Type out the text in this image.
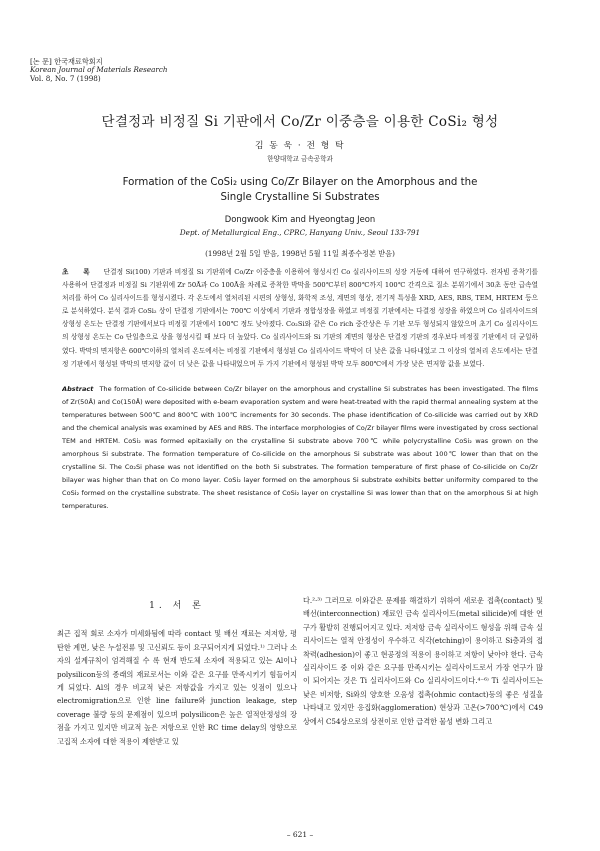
[논 문] 한국재료학회지
Korean Journal of Materials Research
Vol. 8, No. 7 (1998)
단결정과 비정질 Si 기판에서 Co/Zr 이중층을 이용한 CoSi₂ 형성
김 동 욱 · 전 형 탁
한양대학교 금속공학과
Formation of the CoSi₂ using Co/Zr Bilayer on the Amorphous and the
Single Crystalline Si Substrates
Dongwook Kim and Hyeongtag Jeon
Dept. of Metallurgical Eng., CPRC, Hanyang Univ., Seoul 133-791
(1998년 2월 5일 받음, 1998년 5월 11일 최종수정본 받음)
초 록 단결정 Si(100) 기판과 비정질 Si 기판위에 Co/Zr 이중층을 이용하여 형성시킨 Co 실리사이드의 성장 거동에 대하여 연구하였다. 전자빔 증착기를 사용하여 단결정과 비정질 Si 기판위에 Zr 50Å과 Co 100Å을 차례로 증착한 박막을 500℃부터 800℃까지 100℃ 간격으로 질소 분위기에서 30초 동안 급속열처리를 하여 Co 실리사이드를 형성시켰다. 각 온도에서 열처리된 시편의 상형성, 화학적 조성, 계면의 형상, 전기적 특성을 XRD, AES, RBS, TEM, HRTEM 등으로 분석하였다. 분석 결과 CoSi₂ 상이 단결정 기판에서는 700℃ 이상에서 기판과 정합성장을 하였고 비정질 기판에서는 다결정 성장을 하였으며 Co 실리사이드의 상형성 온도는 단결정 기판에서보다 비정질 기판에서 100℃ 정도 낮아졌다. Co₂Si와 같은 Co rich 중간상은 두 기판 모두 형성되지 않았으며 초기 Co 실리사이드의 상형성 온도는 Co 단일층으로 상을 형성시킬 때 보다 더 높았다. Co 실리사이드와 Si 기판의 계면의 형상은 단결정 기판의 경우보다 비정질 기판에서 더 균일하였다. 박막의 면저항은 600℃이하의 열처리 온도에서는 비정질 기판에서 형성된 Co 실리사이드 박막이 더 낮은 값을 나타내었고 그 이상의 열처리 온도에서는 단결정 기판에서 형성된 박막의 면저항 값이 더 낮은 값을 나타내었으며 두 가지 기판에서 형성된 박막 모두 800℃에서 가장 낮은 면저항 값을 보였다.
Abstract The formation of Co-silicide between Co/Zr bilayer on the amorphous and crystalline Si substrates has been investigated. The films of Zr(50Å) and Co(150Å) were deposited with e-beam evaporation system and were heat-treated with the rapid thermal annealing system at the temperatures between 500℃ and 800℃ with 100℃ increments for 30 seconds. The phase identification of Co-silicide was carried out by XRD and the chemical analysis was examined by AES and RBS. The interface morphologies of Co/Zr bilayer films were investigated by cross sectional TEM and HRTEM. CoSi₂ was formed epitaxially on the crystalline Si substrate above 700℃ while polycrystalline CoSi₂ was grown on the amorphous Si substrate. The formation temperature of Co-silicide on the amorphous Si substrate was about 100℃ lower than that on the crystalline Si. The Co₂Si phase was not identified on the both Si substrates. The formation temperature of first phase of Co-silicide on Co/Zr bilayer was higher than that on Co mono layer. CoSi₂ layer formed on the amorphous Si substrate exhibits better uniformity compared to the CoSi₂ formed on the crystalline substrate. The sheet resistance of CoSi₂ layer on crystalline Si was lower than that on the amorphous Si at high temperatures.
1. 서 론
최근 집적 회로 소자가 미세화됨에 따라 contact 및 배선 재료는 저저항, 평탄한 계면, 낮은 누설전류 및 고신뢰도 등이 요구되어지게 되었다.¹⁾ 그러나 소자의 설계규칙이 엄격해질 수 록 현재 반도체 소자에 적용되고 있는 Al이나 polysilicon등의 종래의 재료로서는 이와 같은 요구를 만족시키기 힘들어지게 되었다. Al의 경우 비교적 낮은 저항값을 가지고 있는 잇점이 있으나 electromigration으로 인한 line failure와 junction leakage, step coverage 불량 등의 문제점이 있으며 polysilicon은 높은 열적안정성의 장점을 가지고 있지만 비교적 높은 저항으로 인한 RC time delay의 영향으로 고집적 소자에 대한 적용이 제한받고 있
다.²·³⁾ 그러므로 이와같은 문제를 해결하기 위하여 새로운 접촉(contact) 및 배선(interconnection) 재료인 금속 실리사이드(metal silicide)에 대한 연구가 활발히 진행되어지고 있다. 저저항 금속 실리사이드 형성을 위해 금속 실리사이드는 열적 안정성이 우수하고 식각(etching)이 용이하고 Si층과의 접착력(adhesion)이 좋고 현공정의 적용이 용이하고 저항이 낮아야 한다. 금속 실리사이드 중 이와 같은 요구를 만족시키는 실리사이드로서 가장 연구가 많이 되어지는 것은 Ti 실리사이드와 Co 실리사이드이다.⁴⁻⁶⁾ Ti 실리사이드는 낮은 비저항, Si와의 양호한 오옴성 접촉(ohmic contact)등의 좋은 성질을 나타내고 있지만 응집화(agglomeration) 현상과 고온(>700℃)에서 C49상에서 C54상으로의 상전이로 인한 급격한 물성 변화 그리고
– 621 –
